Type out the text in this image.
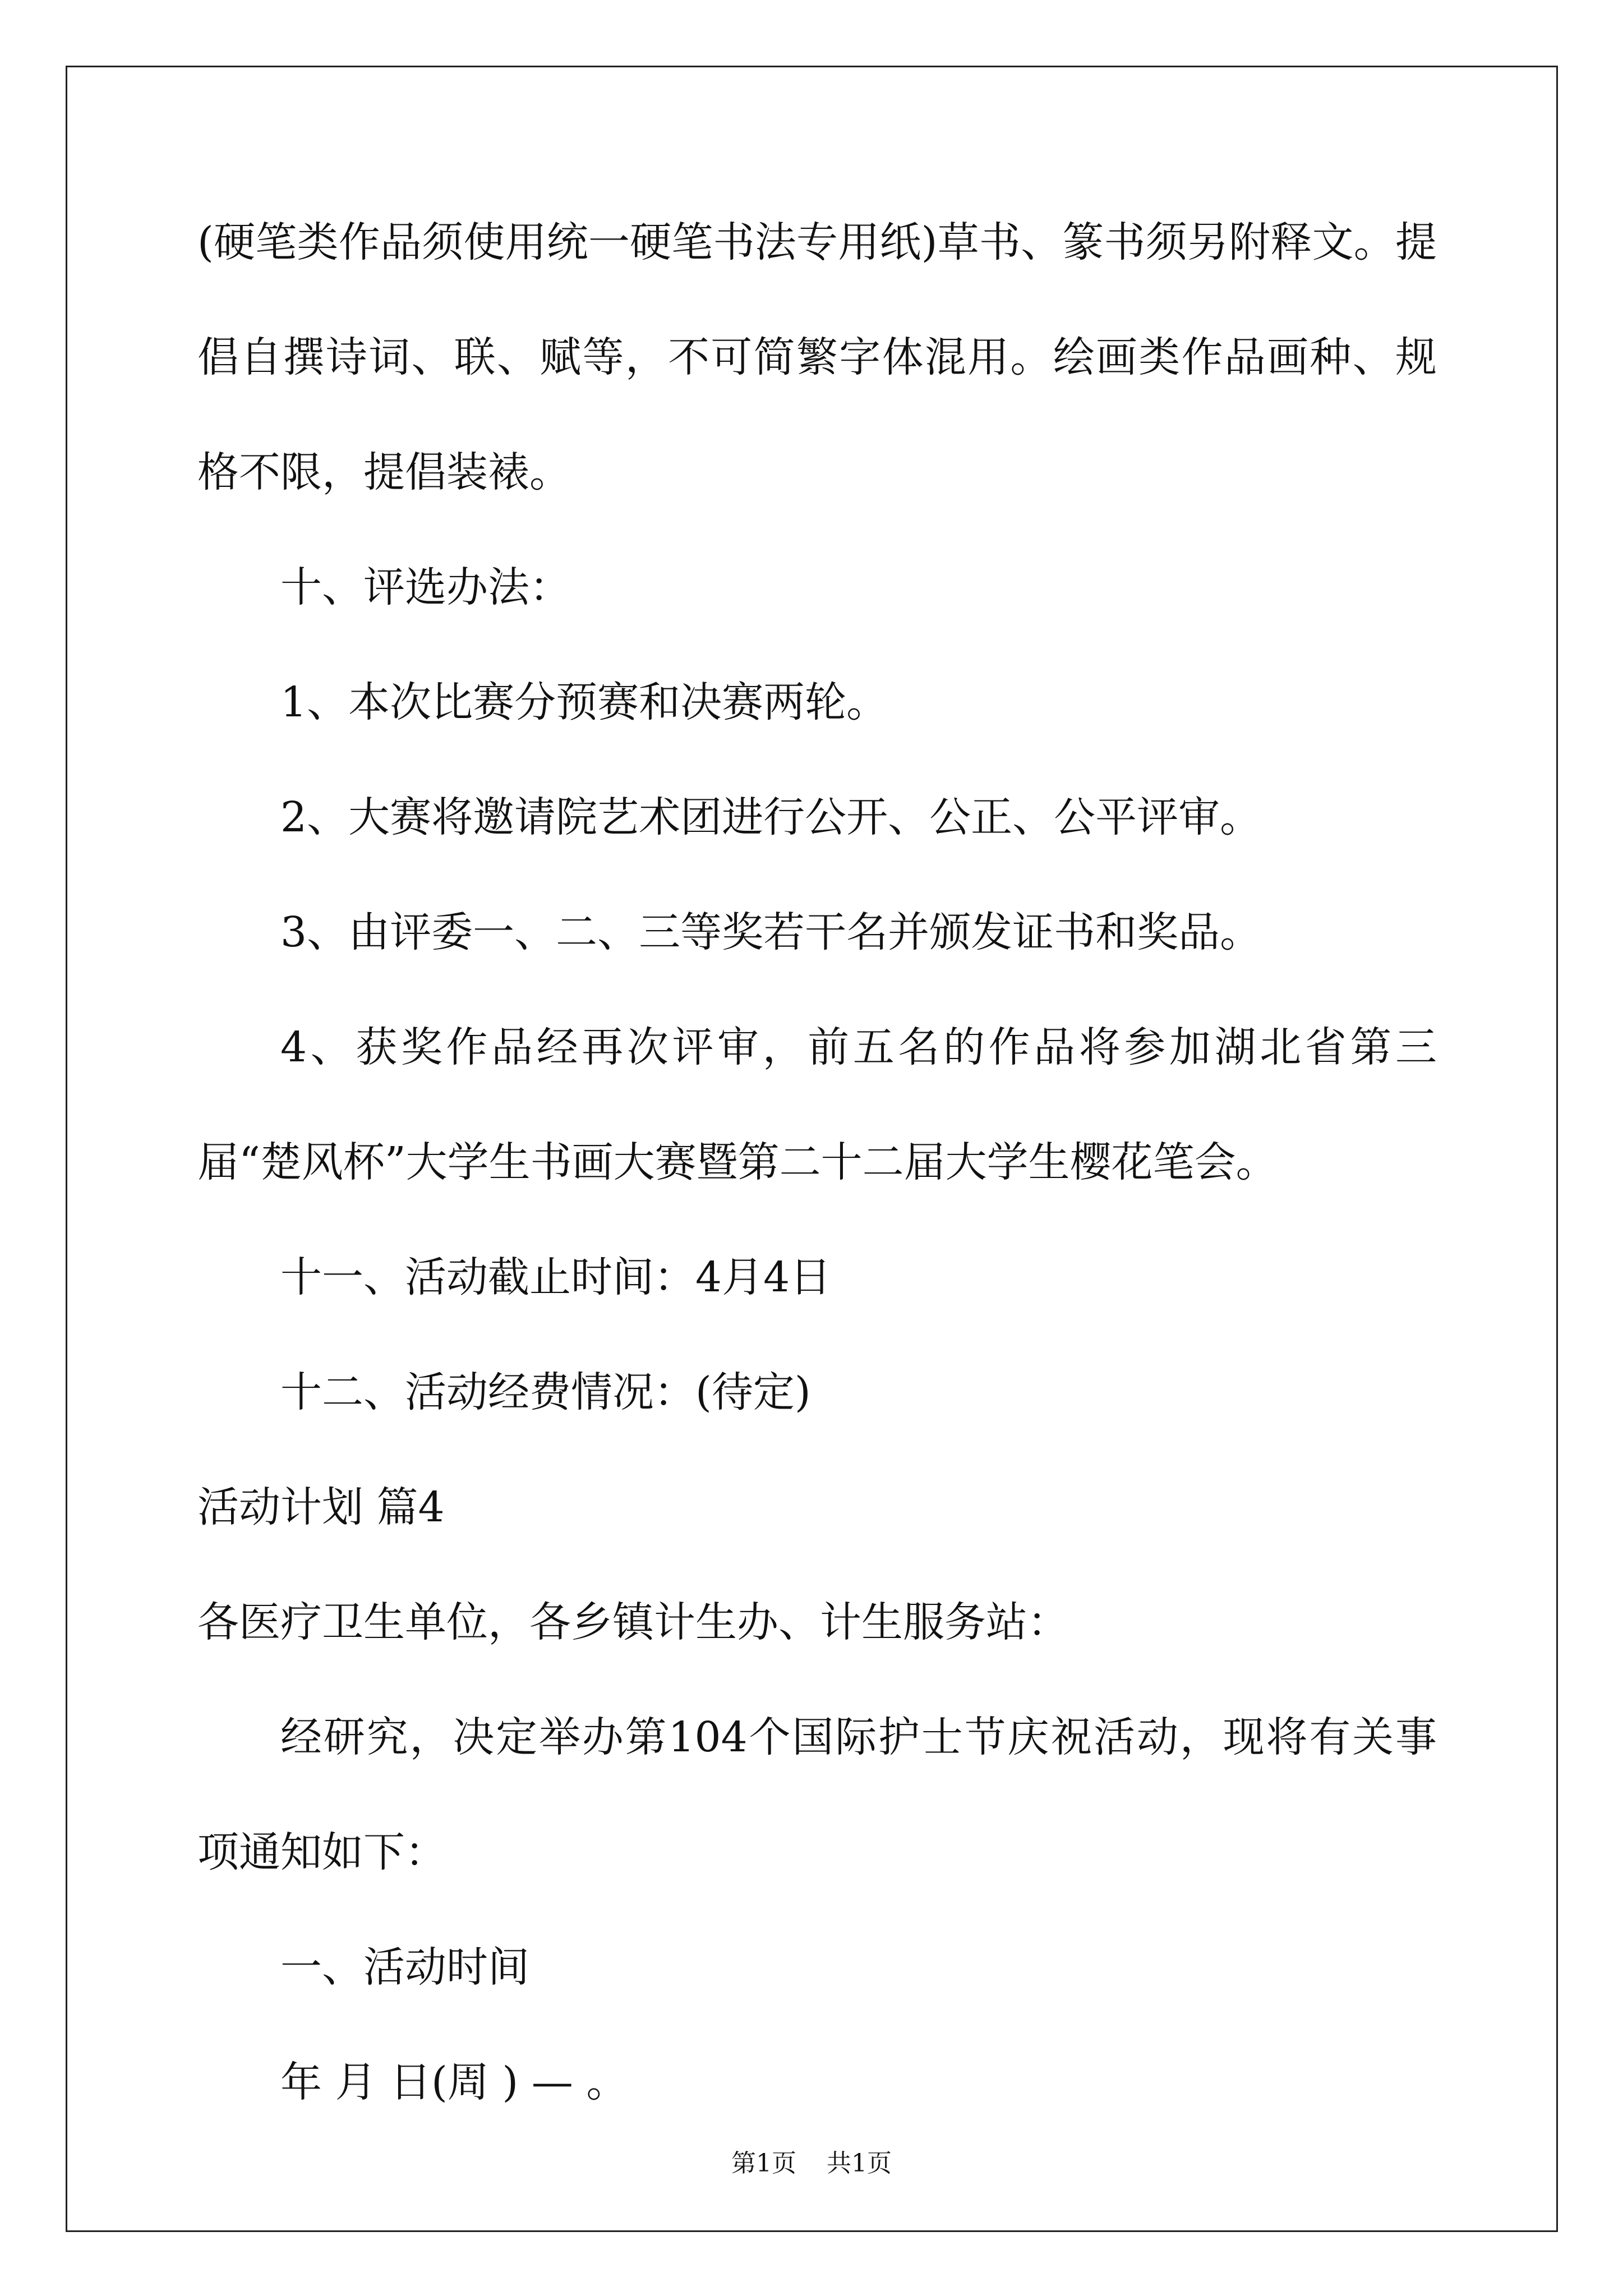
(硬笔类作品须使用统一硬笔书法专用纸)草书、篆书须另附释文。提倡自撰诗词、联、赋等，不可简繁字体混用。绘画类作品画种、规格不限，提倡装裱。

十、评选办法：

1、本次比赛分预赛和决赛两轮。

2、大赛将邀请院艺术团进行公开、公正、公平评审。

3、由评委一、二、三等奖若干名并颁发证书和奖品。

4、获奖作品经再次评审，前五名的作品将参加湖北省第三届“楚风杯”大学生书画大赛暨第二十二届大学生樱花笔会。

十一、活动截止时间：4月4日

十二、活动经费情况：(待定)

活动计划 篇4

各医疗卫生单位，各乡镇计生办、计生服务站：

经研究，决定举办第104个国际护士节庆祝活动，现将有关事项通知如下：

一、活动时间

年 月 日(周 ) — 。

第1页 共1页
